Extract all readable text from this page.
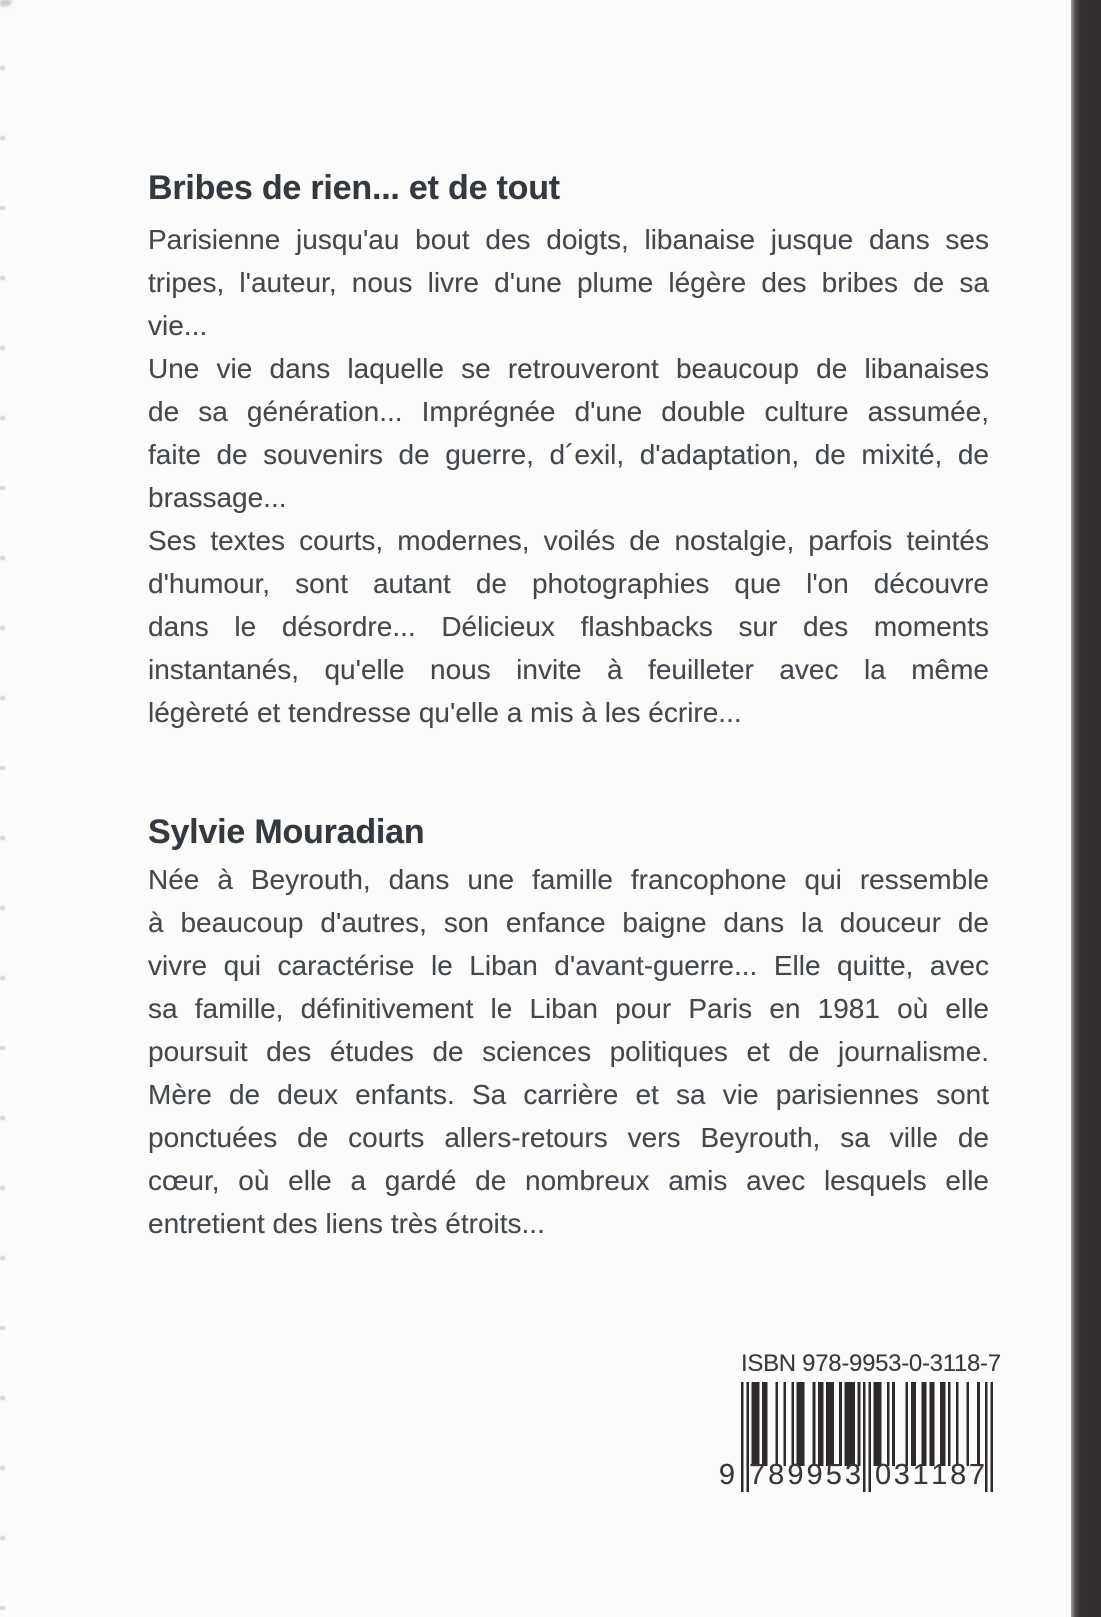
Bribes de rien... et de tout
Parisienne jusqu'au bout des doigts, libanaise jusque dans ses
tripes, l'auteur, nous livre d'une plume légère des bribes de sa
vie...
Une vie dans laquelle se retrouveront beaucoup de libanaises
de sa génération... Imprégnée d'une double culture assumée,
faite de souvenirs de guerre, d´exil, d'adaptation, de mixité, de
brassage...
Ses textes courts, modernes, voilés de nostalgie, parfois teintés
d'humour, sont autant de photographies que l'on découvre
dans le désordre... Délicieux flashbacks sur des moments
instantanés, qu'elle nous invite à feuilleter avec la même
légèreté et tendresse qu'elle a mis à les écrire...
Sylvie Mouradian
Née à Beyrouth, dans une famille francophone qui ressemble
à beaucoup d'autres, son enfance baigne dans la douceur de
vivre qui caractérise le Liban d'avant-guerre... Elle quitte, avec
sa famille, définitivement le Liban pour Paris en 1981 où elle
poursuit des études de sciences politiques et de journalisme.
Mère de deux enfants. Sa carrière et sa vie parisiennes sont
ponctuées de courts allers-retours vers Beyrouth, sa ville de
cœur, où elle a gardé de nombreux amis avec lesquels elle
entretient des liens très étroits...
ISBN 978-9953-0-3118-7
9 7 8 9 9 5 3 0 3 1 1 8 7
